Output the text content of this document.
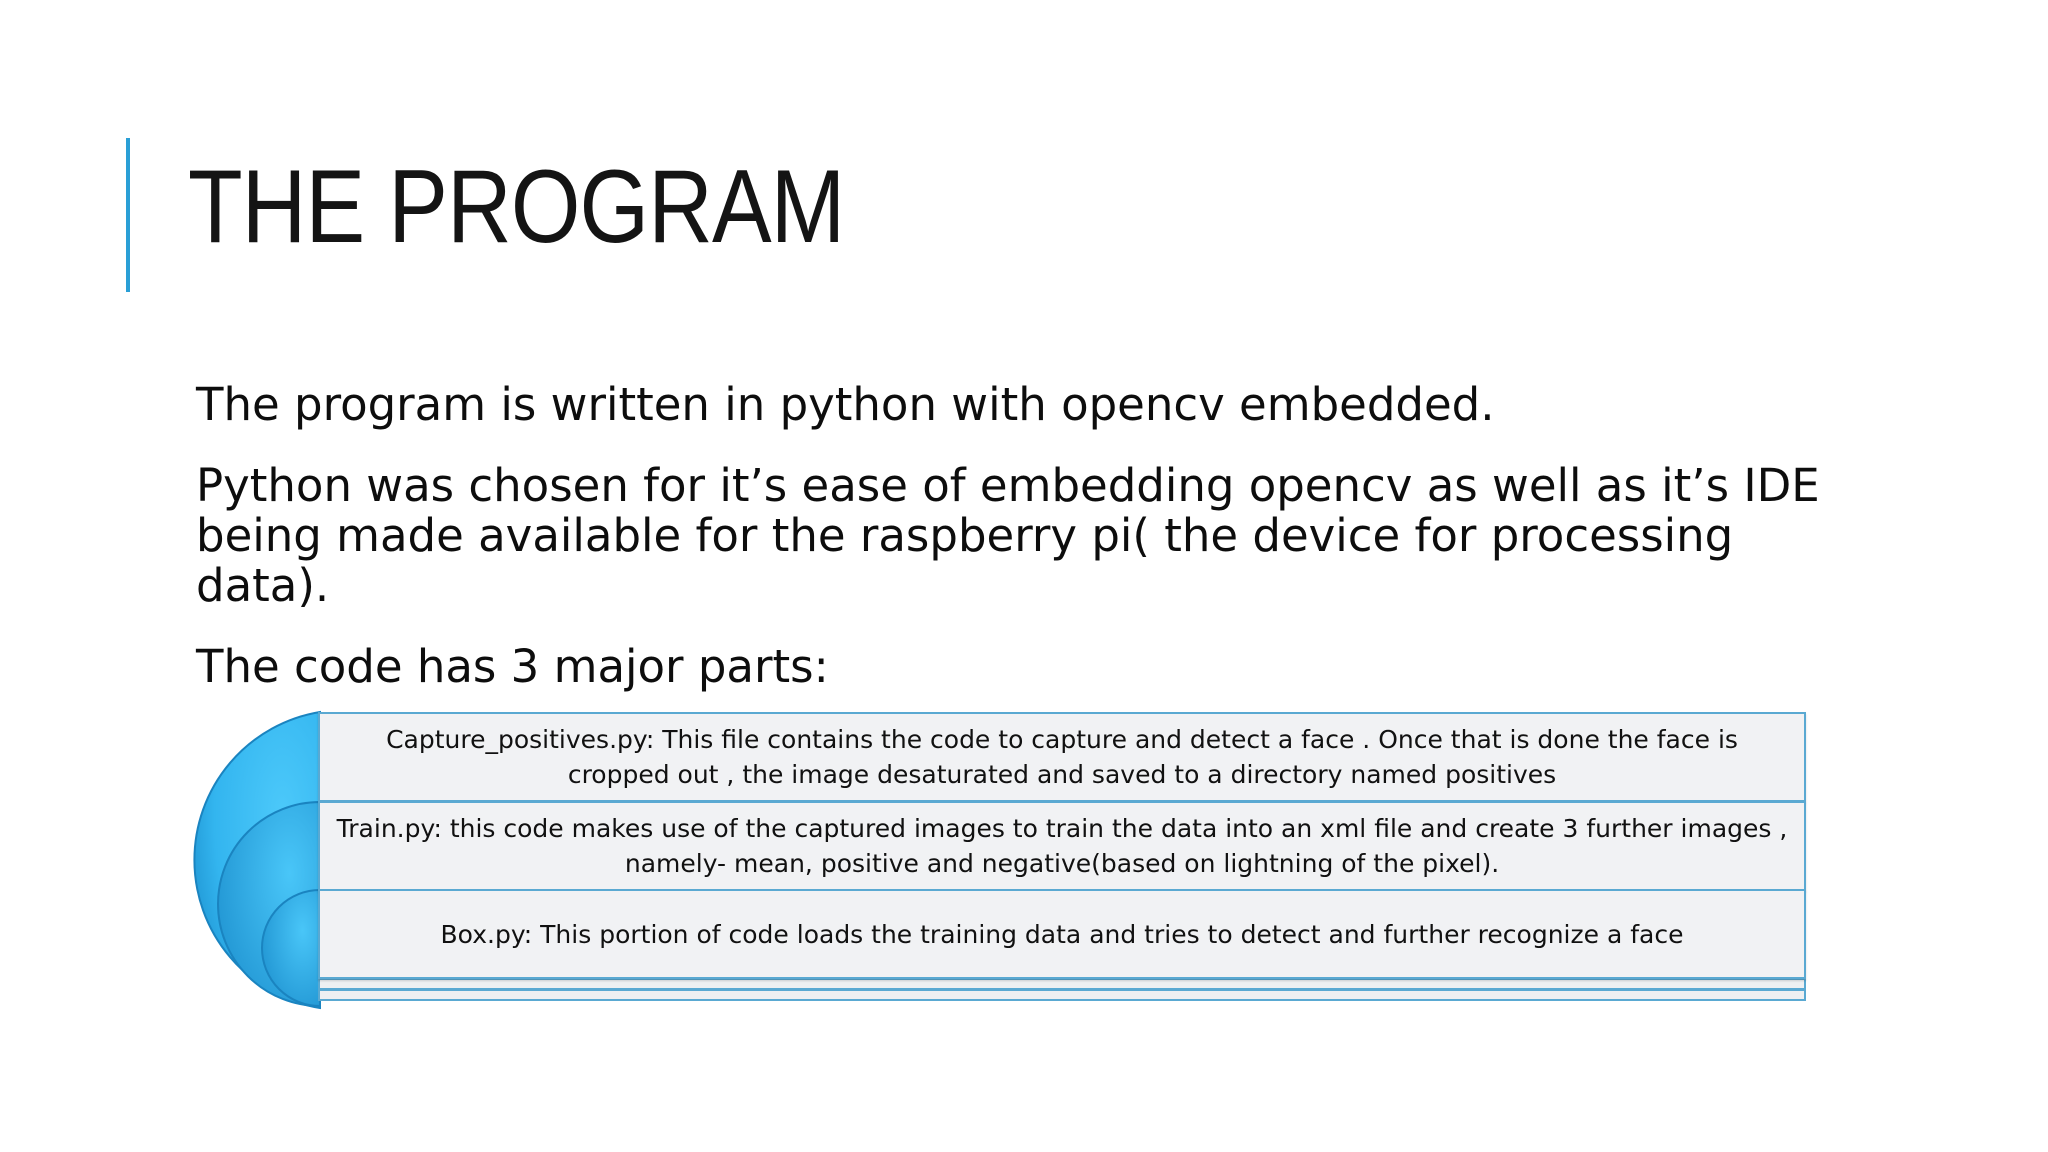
THE PROGRAM

The program is written in python with opencv embedded.

Python was chosen for it’s ease of embedding opencv as well as it’s IDE being made available for the raspberry pi( the device for processing data).

The code has 3 major parts:

Capture_positives.py: This file contains the code to capture and detect a face . Once that is done the face is cropped out , the image desaturated and saved to a directory named positives
Train.py: this code makes use of the captured images to train the data into an xml file and create 3 further images , namely- mean, positive and negative(based on lightning of the pixel).
Box.py: This portion of code loads the training data and tries to detect and further recognize a face
